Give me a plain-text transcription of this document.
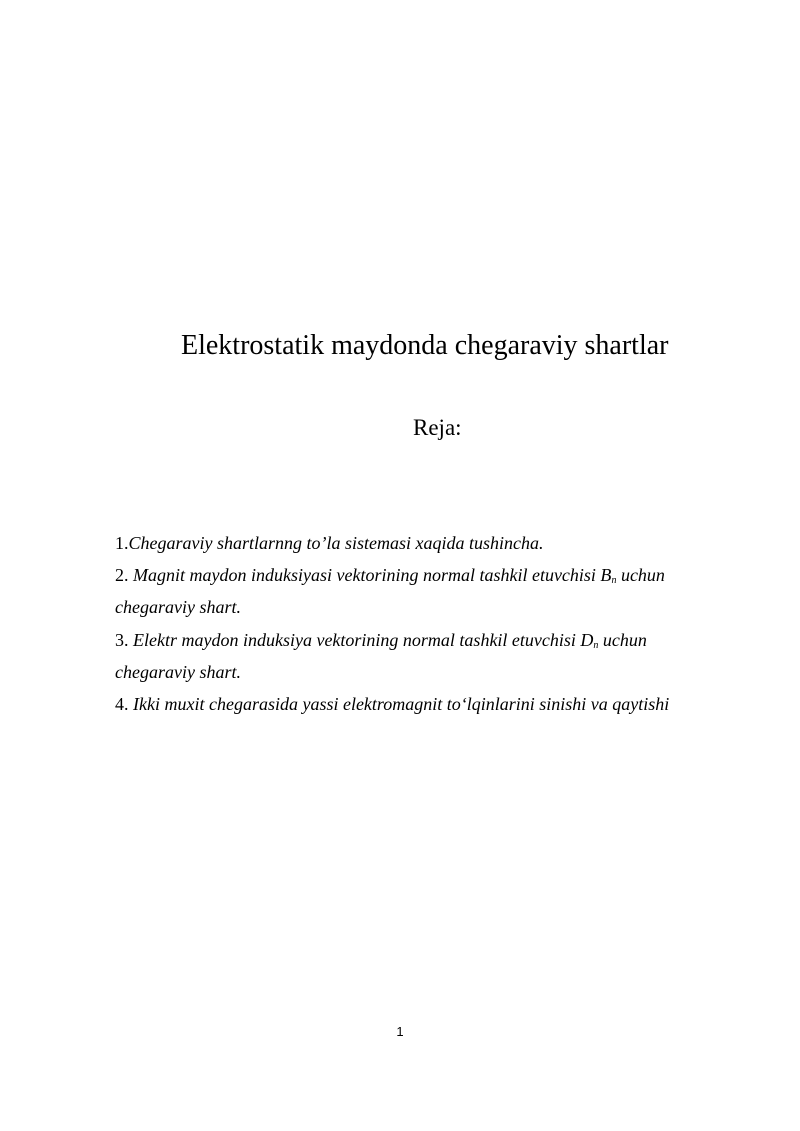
Elektrostatik maydonda chegaraviy shartlar
Reja:
1.Chegaraviy shartlarnng to’la sistemasi xaqida tushincha.
2. Magnit maydon induksiyasi vektorining normal tashkil etuvchisi $B_n$ uchun chegaraviy shart.
3. Elektr maydon induksiya vektorining normal tashkil etuvchisi $D_n$ uchun chegaraviy shart.
4. Ikki muxit chegarasida yassi elektromagnit to‘lqinlarini sinishi va qaytishi
1
